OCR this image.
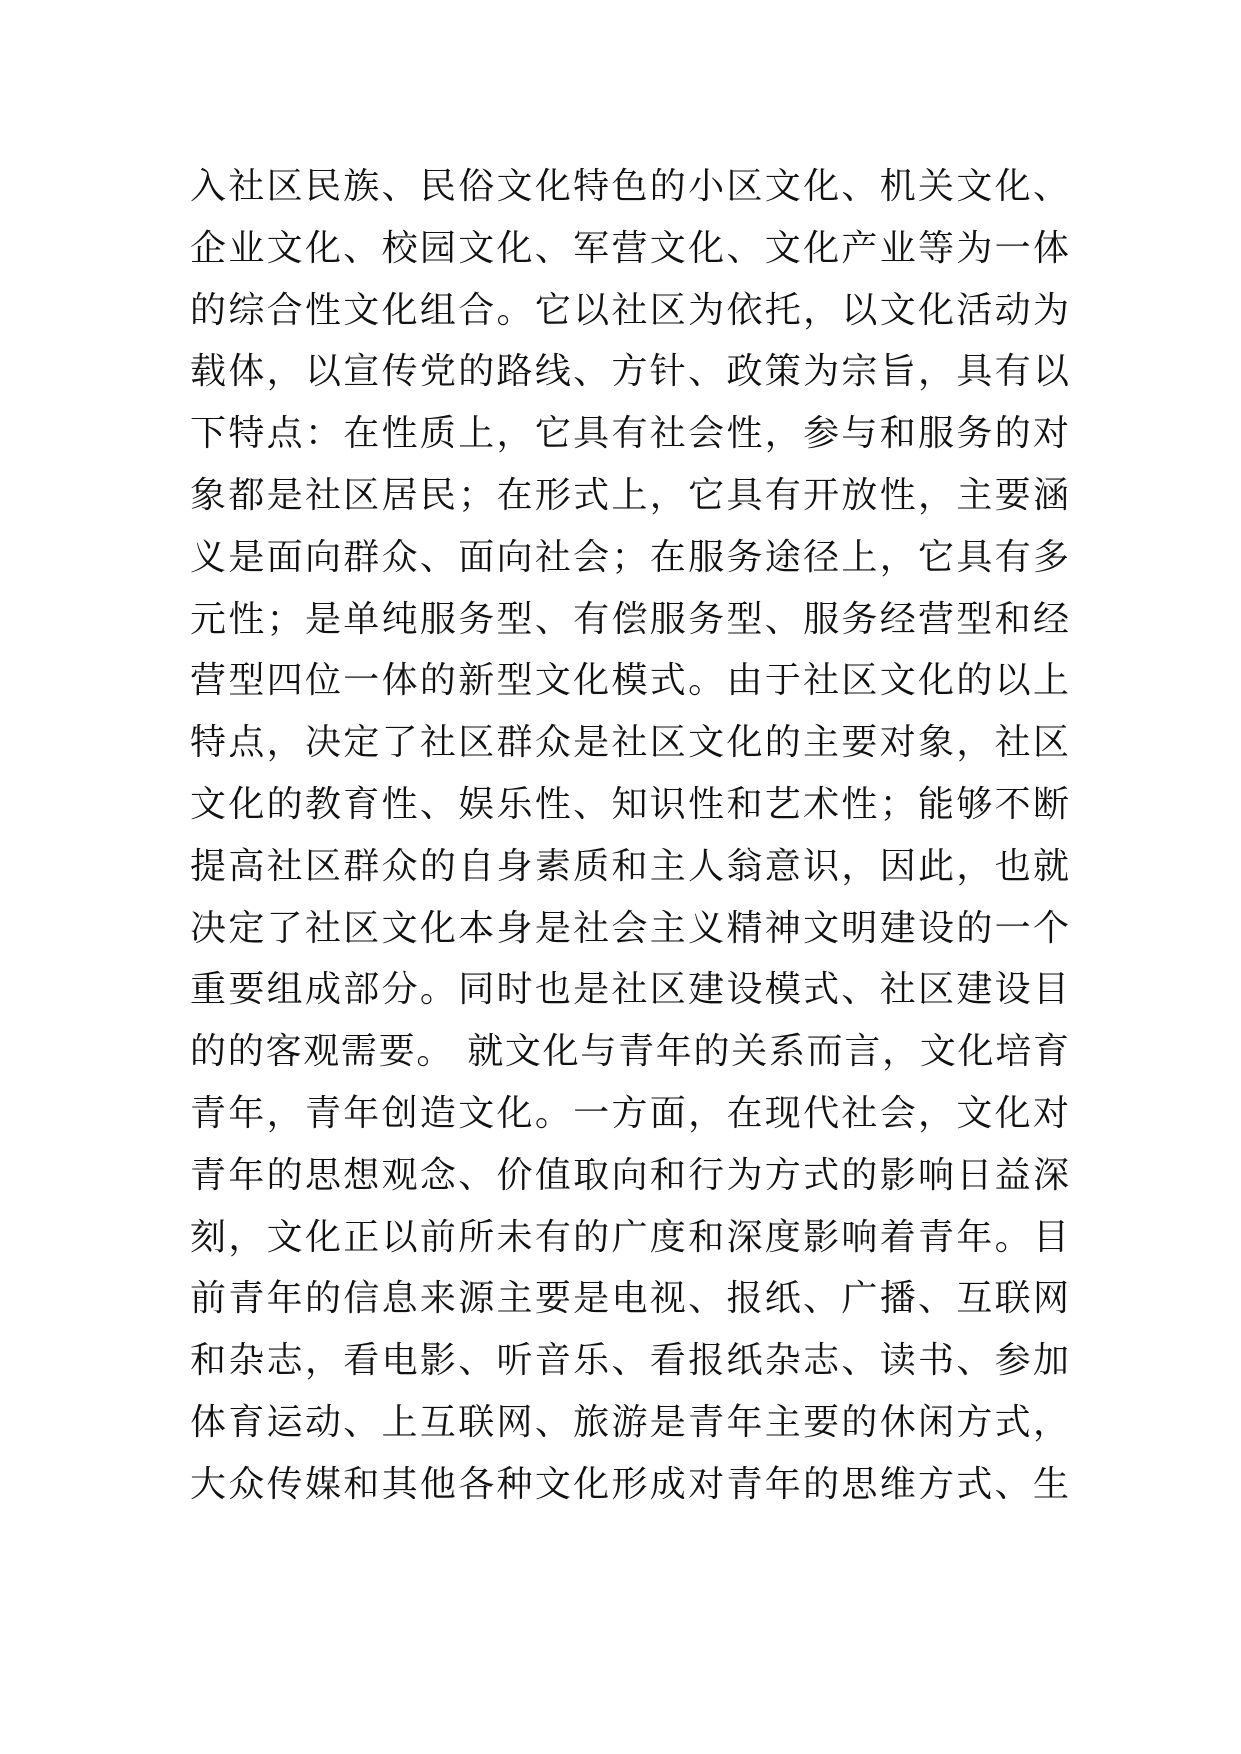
入社区民族、民俗文化特色的小区文化、机关文化、
企业文化、校园文化、军营文化、文化产业等为一体
的综合性文化组合。它以社区为依托，以文化活动为
载体，以宣传党的路线、方针、政策为宗旨，具有以
下特点：在性质上，它具有社会性，参与和服务的对
象都是社区居民；在形式上，它具有开放性，主要涵
义是面向群众、面向社会；在服务途径上，它具有多
元性；是单纯服务型、有偿服务型、服务经营型和经
营型四位一体的新型文化模式。由于社区文化的以上
特点，决定了社区群众是社区文化的主要对象，社区
文化的教育性、娱乐性、知识性和艺术性；能够不断
提高社区群众的自身素质和主人翁意识，因此，也就
决定了社区文化本身是社会主义精神文明建设的一个
重要组成部分。同时也是社区建设模式、社区建设目
的的客观需要。 就文化与青年的关系而言，文化培育
青年，青年创造文化。一方面，在现代社会，文化对
青年的思想观念、价值取向和行为方式的影响日益深
刻，文化正以前所未有的广度和深度影响着青年。目
前青年的信息来源主要是电视、报纸、广播、互联网
和杂志，看电影、听音乐、看报纸杂志、读书、参加
体育运动、上互联网、旅游是青年主要的休闲方式，
大众传媒和其他各种文化形成对青年的思维方式、生
